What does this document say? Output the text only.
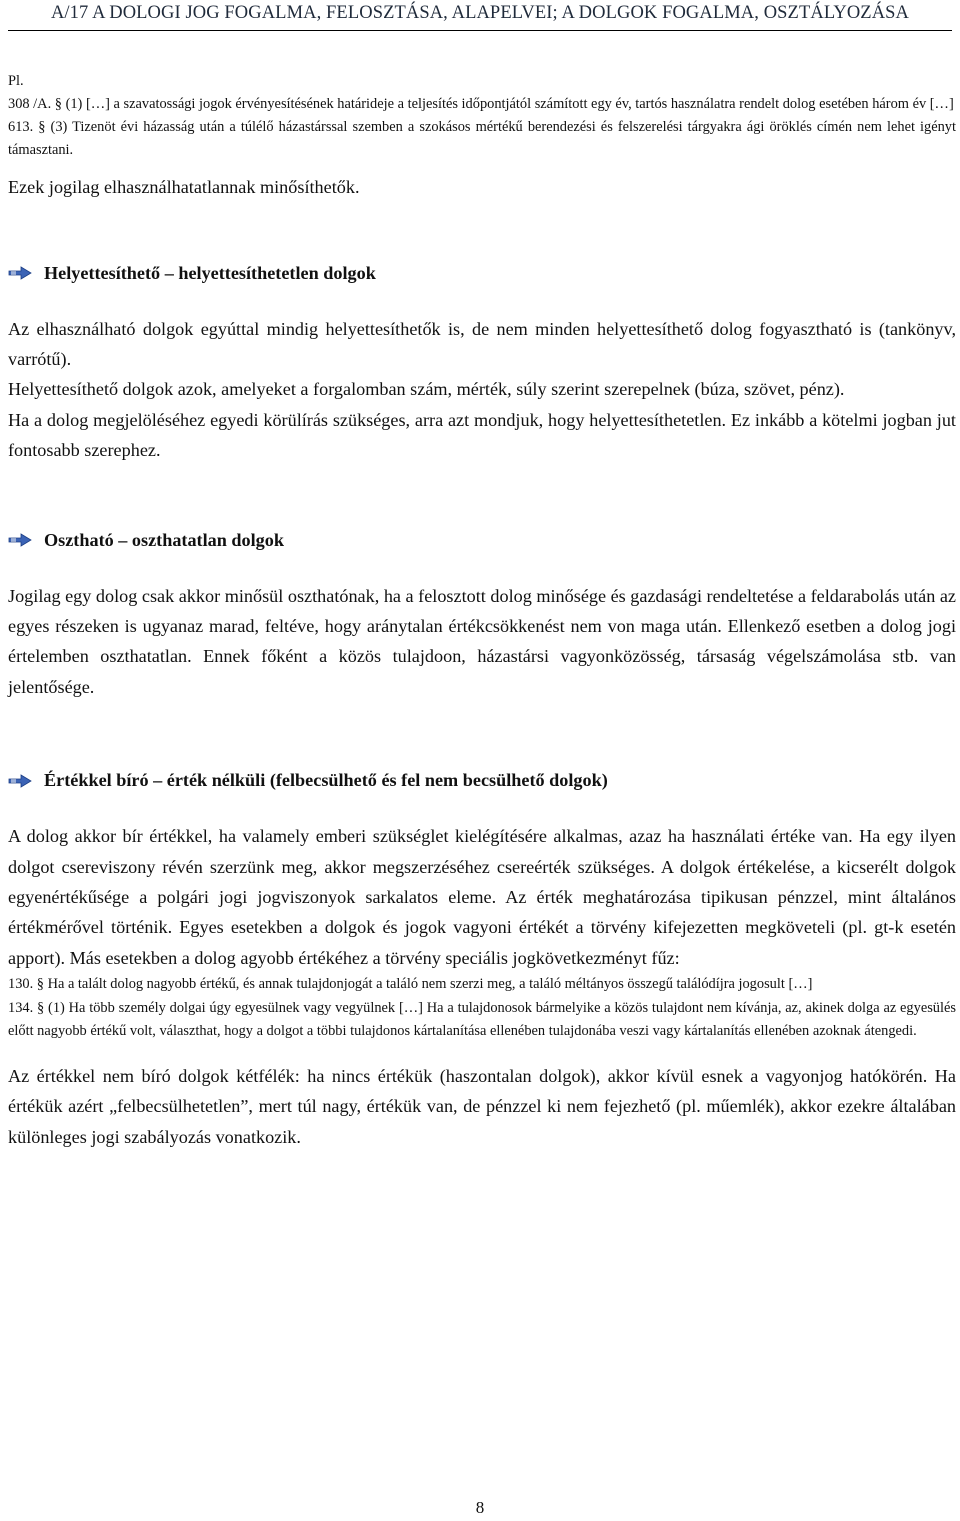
A/17 A DOLOGI JOG FOGALMA, FELOSZTÁSA, ALAPELVEI; A DOLGOK FOGALMA, OSZTÁLYOZÁSA

Pl.

308 /A. § (1) […] a szavatossági jogok érvényesítésének határideje a teljesítés időpontjától számított egy év, tartós használatra rendelt dolog esetében három év […]

613. § (3) Tizenöt évi házasság után a túlélő házastárssal szemben a szokásos mértékű berendezési és felszerelési tárgyakra ági öröklés címén nem lehet igényt támasztani.

Ezek jogilag elhasználhatatlannak minősíthetők.

Helyettesíthető – helyettesíthetetlen dolgok

Az elhasználható dolgok egyúttal mindig helyettesíthetők is, de nem minden helyettesíthető dolog fogyasztható is (tankönyv, varrótű).

Helyettesíthető dolgok azok, amelyeket a forgalomban szám, mérték, súly szerint szerepelnek (búza, szövet, pénz).

Ha a dolog megjelöléséhez egyedi körülírás szükséges, arra azt mondjuk, hogy helyettesíthetetlen. Ez inkább a kötelmi jogban jut fontosabb szerephez.

Osztható – oszthatatlan dolgok

Jogilag egy dolog csak akkor minősül oszthatónak, ha a felosztott dolog minősége és gazdasági rendeltetése a feldarabolás után az egyes részeken is ugyanaz marad, feltéve, hogy aránytalan értékcsökkenést nem von maga után. Ellenkező esetben a dolog jogi értelemben oszthatatlan. Ennek főként a közös tulajdoon, házastársi vagyonközösség, társaság végelszámolása stb. van jelentősége.

Értékkel bíró – érték nélküli (felbecsülhető és fel nem becsülhető dolgok)

A dolog akkor bír értékkel, ha valamely emberi szükséglet kielégítésére alkalmas, azaz ha használati értéke van. Ha egy ilyen dolgot csereviszony révén szerzünk meg, akkor megszerzéséhez csereérték szükséges. A dolgok értékelése, a kicserélt dolgok egyenértékűsége a polgári jogi jogviszonyok sarkalatos eleme. Az érték meghatározása tipikusan pénzzel, mint általános értékmérővel történik. Egyes esetekben a dolgok és jogok vagyoni értékét a törvény kifejezetten megköveteli (pl. gt-k esetén apport). Más esetekben a dolog agyobb értékéhez a törvény speciális jogkövetkezményt fűz:

130. § Ha a talált dolog nagyobb értékű, és annak tulajdonjogát a találó nem szerzi meg, a találó méltányos összegű találódíjra jogosult […]

134. § (1) Ha több személy dolgai úgy egyesülnek vagy vegyülnek […] Ha a tulajdonosok bármelyike a közös tulajdont nem kívánja, az, akinek dolga az egyesülés előtt nagyobb értékű volt, választhat, hogy a dolgot a többi tulajdonos kártalanítása ellenében tulajdonába veszi vagy kártalanítás ellenében azoknak átengedi.

Az értékkel nem bíró dolgok kétfélék: ha nincs értékük (haszontalan dolgok), akkor kívül esnek a vagyonjog hatókörén. Ha értékük azért „felbecsülhetetlen”, mert túl nagy, értékük van, de pénzzel ki nem fejezhető (pl. műemlék), akkor ezekre általában különleges jogi szabályozás vonatkozik.

8
